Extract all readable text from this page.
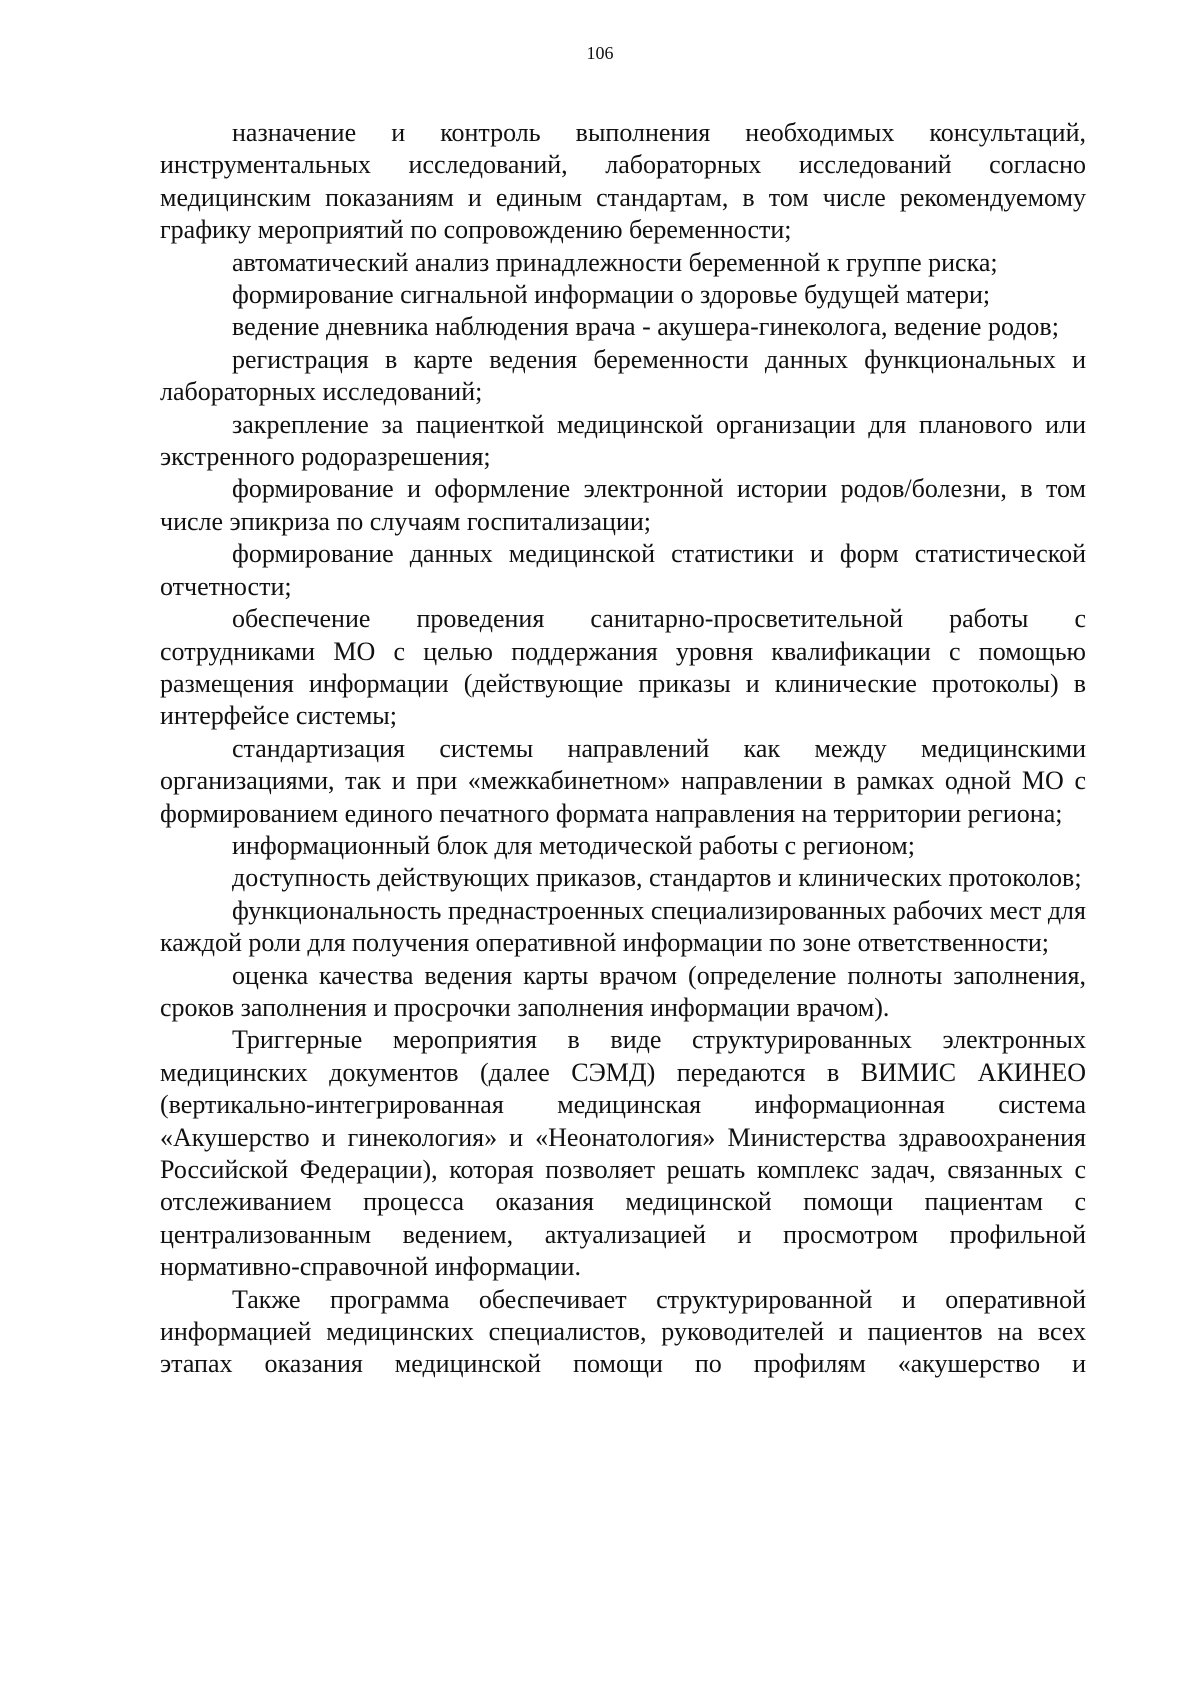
106

назначение и контроль выполнения необходимых консультаций, инструментальных исследований, лабораторных исследований согласно медицинским показаниям и единым стандартам, в том числе рекомендуемому графику мероприятий по сопровождению беременности;

автоматический анализ принадлежности беременной к группе риска;

формирование сигнальной информации о здоровье будущей матери;

ведение дневника наблюдения врача - акушера-гинеколога, ведение родов;

регистрация в карте ведения беременности данных функциональных и лабораторных исследований;

закрепление за пациенткой медицинской организации для планового или экстренного родоразрешения;

формирование и оформление электронной истории родов/болезни, в том числе эпикриза по случаям госпитализации;

формирование данных медицинской статистики и форм статистической отчетности;

обеспечение проведения санитарно-просветительной работы с сотрудниками МО с целью поддержания уровня квалификации с помощью размещения информации (действующие приказы и клинические протоколы) в интерфейсе системы;

стандартизация системы направлений как между медицинскими организациями, так и при «межкабинетном» направлении в рамках одной МО с формированием единого печатного формата направления на территории региона;

информационный блок для методической работы с регионом;

доступность действующих приказов, стандартов и клинических протоколов;

функциональность преднастроенных специализированных рабочих мест для каждой роли для получения оперативной информации по зоне ответственности;

оценка качества ведения карты врачом (определение полноты заполнения, сроков заполнения и просрочки заполнения информации врачом).

Триггерные мероприятия в виде структурированных электронных медицинских документов (далее СЭМД) передаются в ВИМИС АКИНЕО (вертикально-интегрированная медицинская информационная система «Акушерство и гинекология» и «Неонатология» Министерства здравоохранения Российской Федерации), которая позволяет решать комплекс задач, связанных с отслеживанием процесса оказания медицинской помощи пациентам с централизованным ведением, актуализацией и просмотром профильной нормативно-справочной информации.

Также программа обеспечивает структурированной и оперативной информацией медицинских специалистов, руководителей и пациентов на всех этапах оказания медицинской помощи по профилям «акушерство и
